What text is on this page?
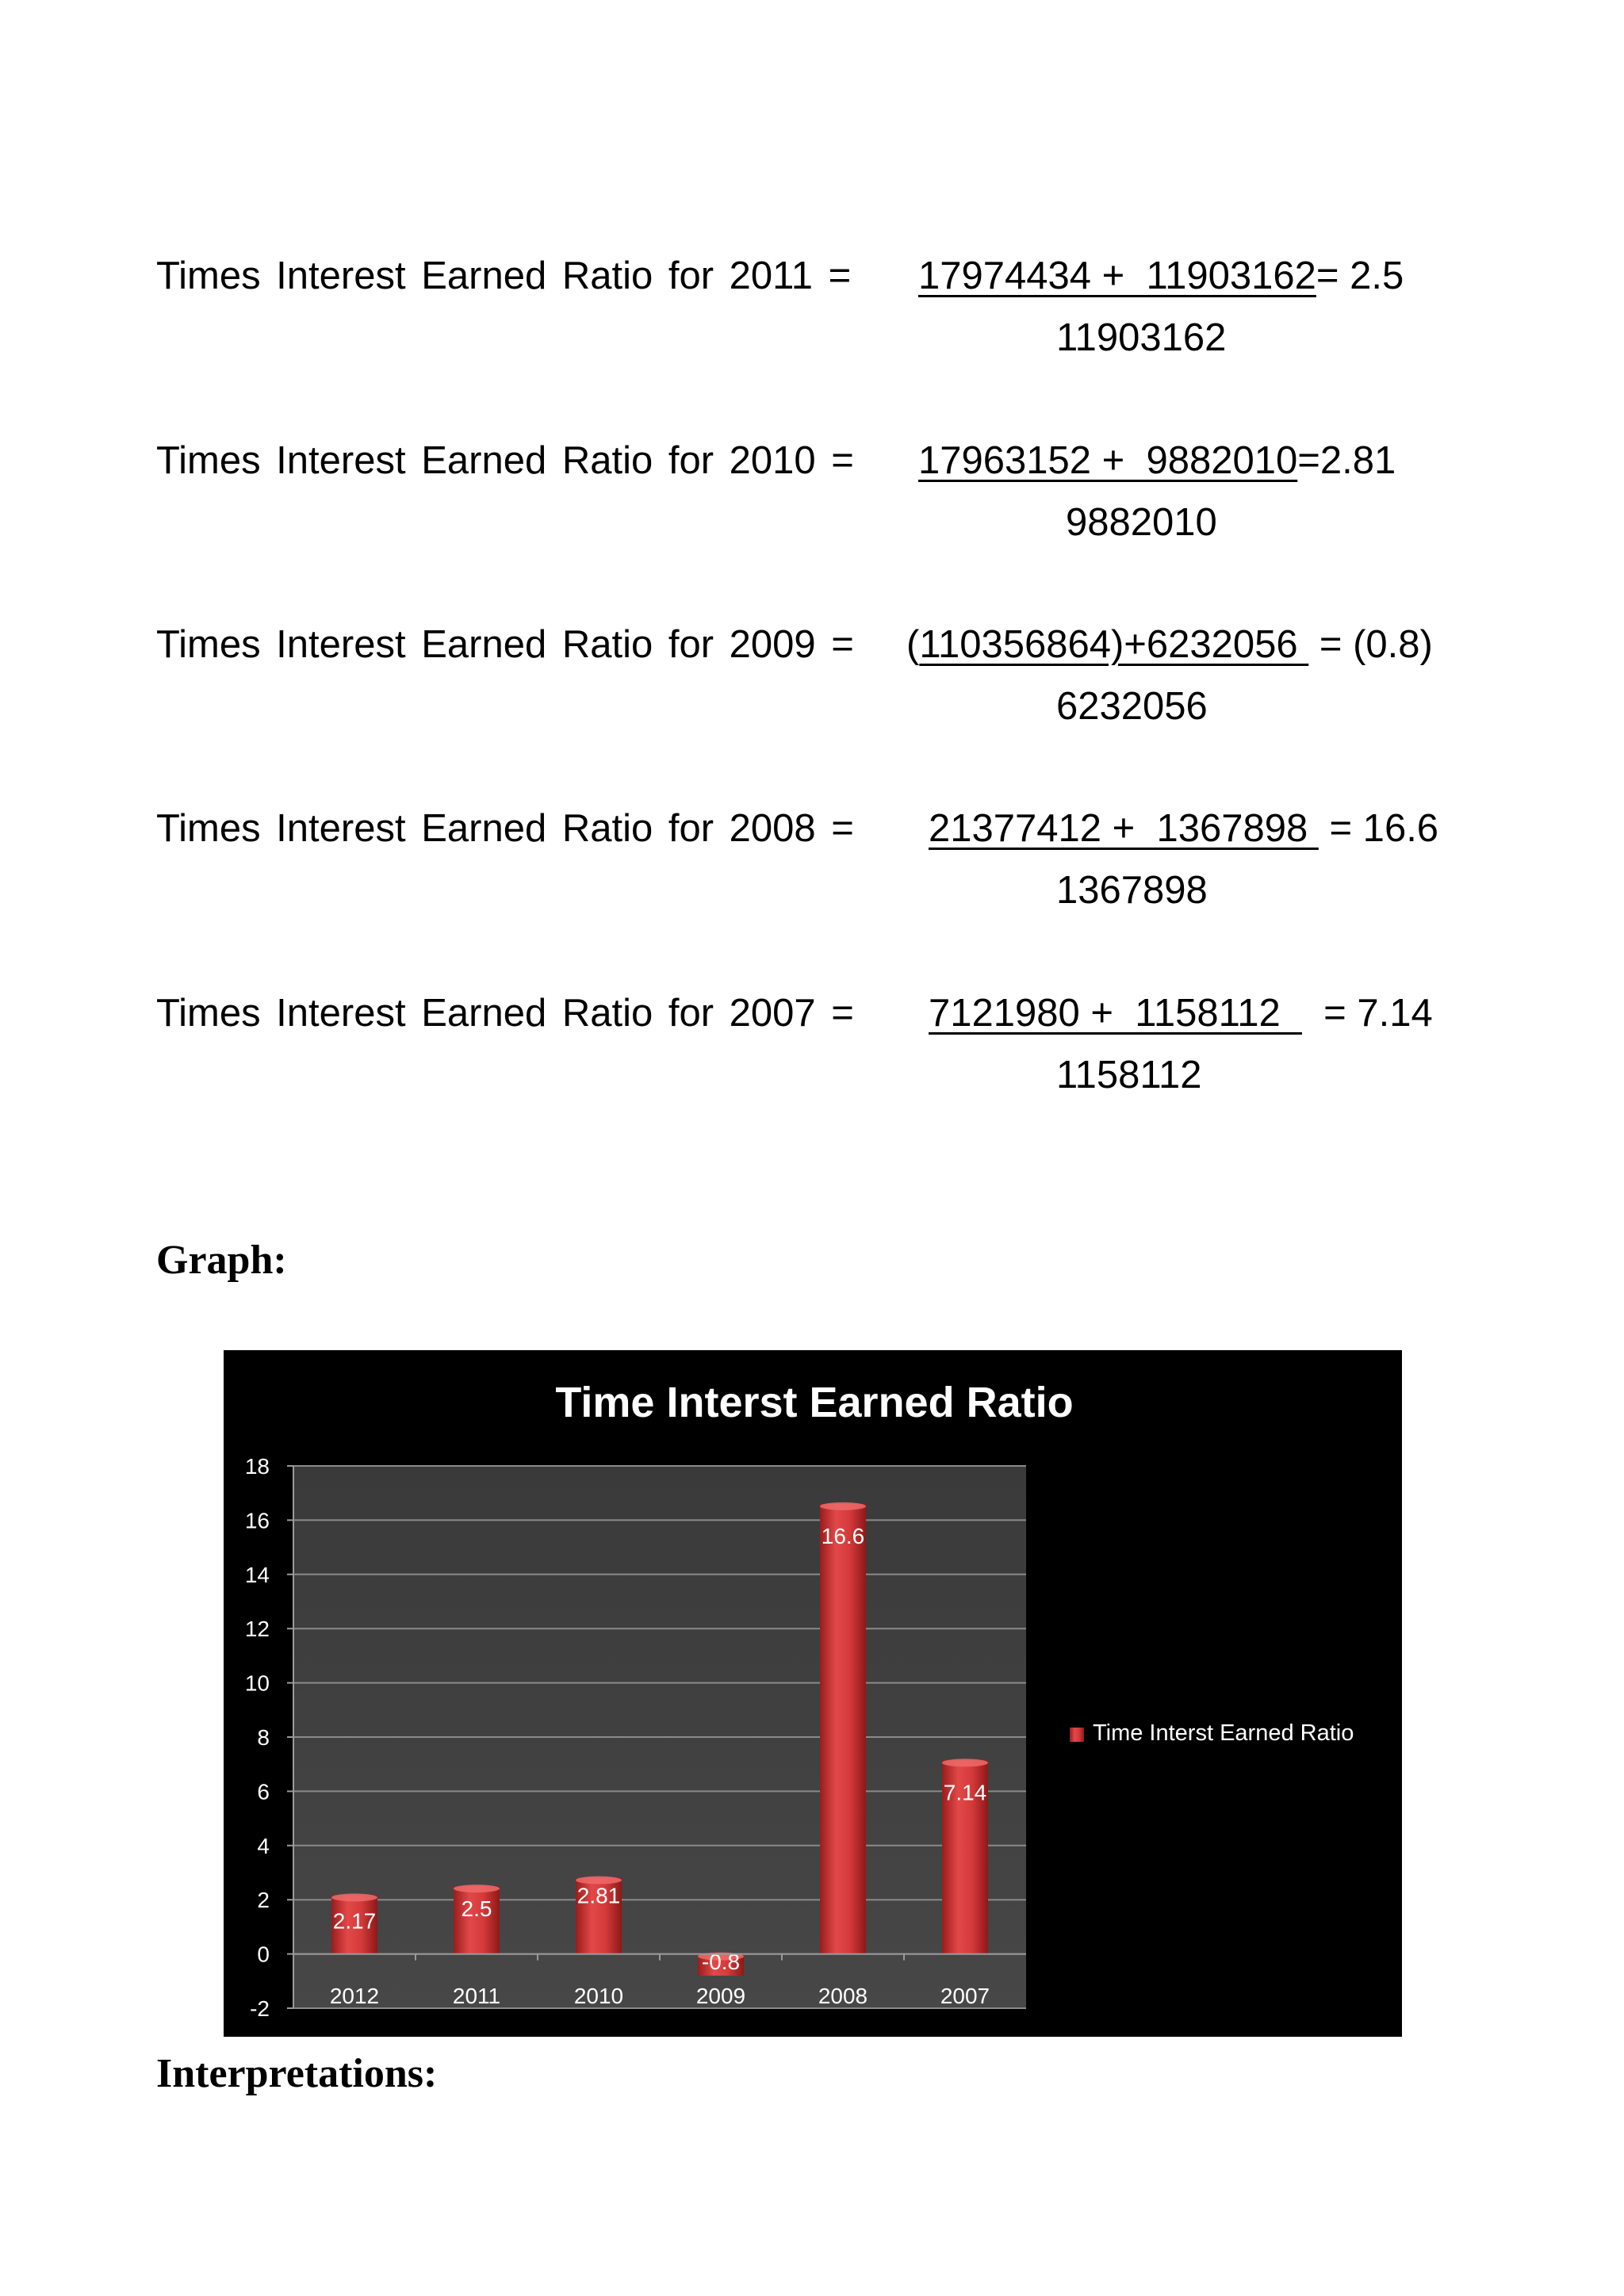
Times Interest Earned Ratio for 2011 = 17974434 +  11903162= 2.5
11903162
Times Interest Earned Ratio for 2010 = 17963152 +  9882010=2.81
9882010
Times Interest Earned Ratio for 2009 = (110356864)+6232056  = (0.8)
6232056
Times Interest Earned Ratio for 2008 = 21377412 +  1367898  = 16.6
1367898
Times Interest Earned Ratio for 2007 = 7121980 +  1158112    = 7.14
1158112
Graph:
2.17	2.5
2.81
-0.8
16.6
7.14
-2
0
2
4
6
8
10
12
14
16
18
2012	2011	2010	2009	2008	2007
Time Interst Earned Ratio
Time Interst Earned Ratio
Interpretations:
